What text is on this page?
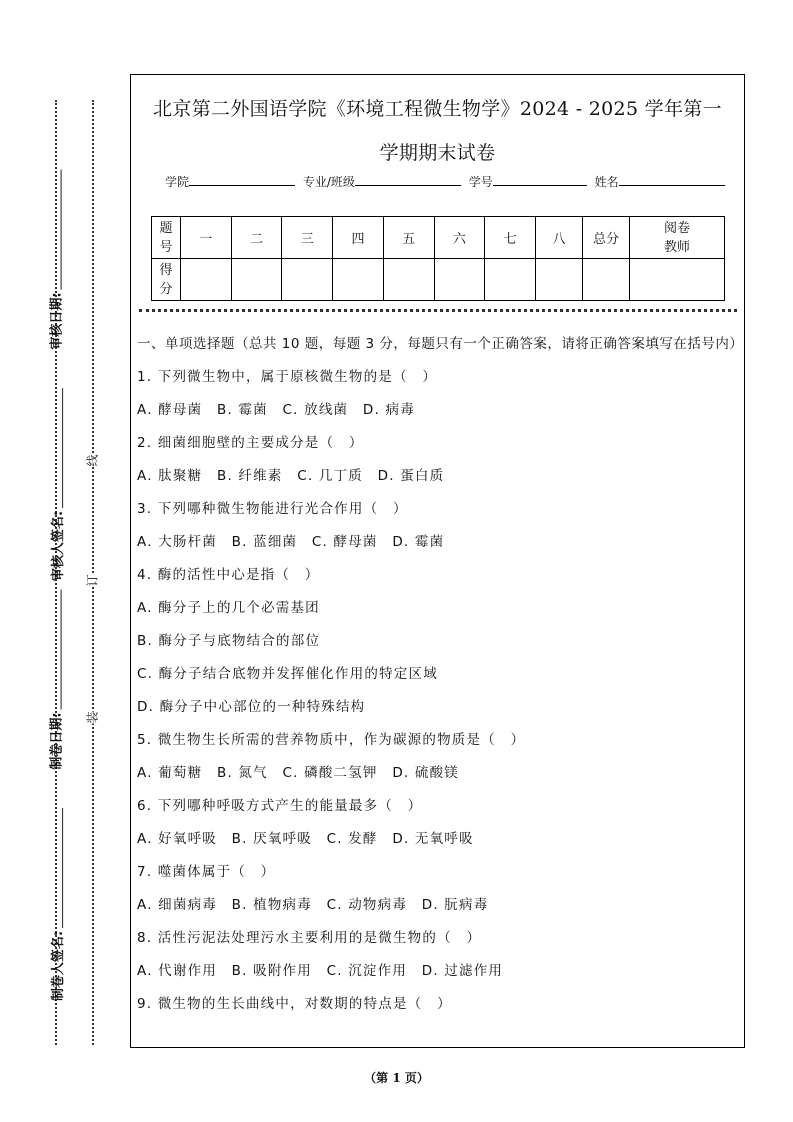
审核日期:
审核人签名:
制卷日期:
制卷人签名:
线
订
装
北京第二外国语学院《环境工程微生物学》2024 - 2025 学年第一
学期期末试卷
学院	专业/班级	学号	姓名
题
号	一	二	三	四	五	六	七	八	总分	阅卷
教师
得
分										
一、单项选择题（总共 10 题，每题 3 分，每题只有一个正确答案，请将正确答案填写在括号内）
1. 下列微生物中，属于原核微生物的是（　）
A. 酵母菌　B. 霉菌　C. 放线菌　D. 病毒
2. 细菌细胞壁的主要成分是（　）
A. 肽聚糖　B. 纤维素　C. 几丁质　D. 蛋白质
3. 下列哪种微生物能进行光合作用（　）
A. 大肠杆菌　B. 蓝细菌　C. 酵母菌　D. 霉菌
4. 酶的活性中心是指（　）
A. 酶分子上的几个必需基团
B. 酶分子与底物结合的部位
C. 酶分子结合底物并发挥催化作用的特定区域
D. 酶分子中心部位的一种特殊结构
5. 微生物生长所需的营养物质中，作为碳源的物质是（　）
A. 葡萄糖　B. 氮气　C. 磷酸二氢钾　D. 硫酸镁
6. 下列哪种呼吸方式产生的能量最多（　）
A. 好氧呼吸　B. 厌氧呼吸　C. 发酵　D. 无氧呼吸
7. 噬菌体属于（　）
A. 细菌病毒　B. 植物病毒　C. 动物病毒　D. 朊病毒
8. 活性污泥法处理污水主要利用的是微生物的（　）
A. 代谢作用　B. 吸附作用　C. 沉淀作用　D. 过滤作用
9. 微生物的生长曲线中，对数期的特点是（　）
（第 1 页）
